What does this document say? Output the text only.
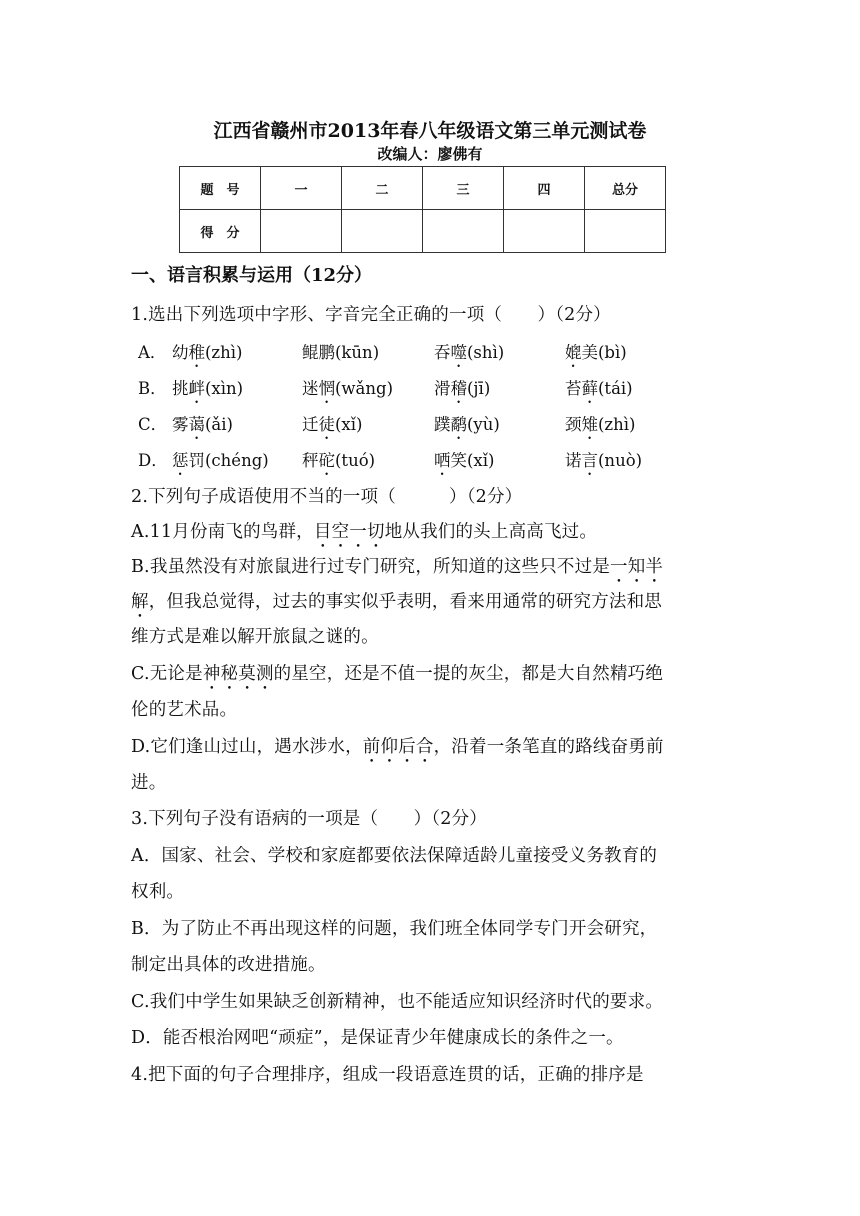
江西省赣州市2013年春八年级语文第三单元测试卷
改编人：廖佛有
题　号	一	二	三	四	总分
得　分					
一、语言积累与运用（12分）
1.选出下列选项中字形、字音完全正确的一项（　　）（2分）
A． 幼稚(zhì)	鲲鹏(kūn)	吞噬(shì)	媲美(bì)
B． 挑衅(xìn)	迷惘(wǎng) 滑稽(jī)	苔藓(tái)
C． 雾蔼(ǎi)	迁徒(xǐ)	蹼鹬(yù)	颈雉(zhì)
D． 惩罚(chéng) 秤砣(tuó)	哂笑(xǐ)	诺言(nuò)
2.下列句子成语使用不当的一项（　　　）（2分）
A.11月份南飞的鸟群，目空一切地从我们的头上高高飞过。
B.我虽然没有对旅鼠进行过专门研究，所知道的这些只不过是一知半
解，但我总觉得，过去的事实似乎表明，看来用通常的研究方法和思
维方式是难以解开旅鼠之谜的。
C.无论是神秘莫测的星空，还是不值一提的灰尘，都是大自然精巧绝
伦的艺术品。
D.它们逢山过山，遇水涉水，前仰后合，沿着一条笔直的路线奋勇前
进。
3.下列句子没有语病的一项是（　　）（2分）
A．国家、社会、学校和家庭都要依法保障适龄儿童接受义务教育的
权利。
B．为了防止不再出现这样的问题，我们班全体同学专门开会研究，
制定出具体的改进措施。
C.我们中学生如果缺乏创新精神，也不能适应知识经济时代的要求。
D．能否根治网吧“顽症”，是保证青少年健康成长的条件之一。
4.把下面的句子合理排序，组成一段语意连贯的话，正确的排序是
